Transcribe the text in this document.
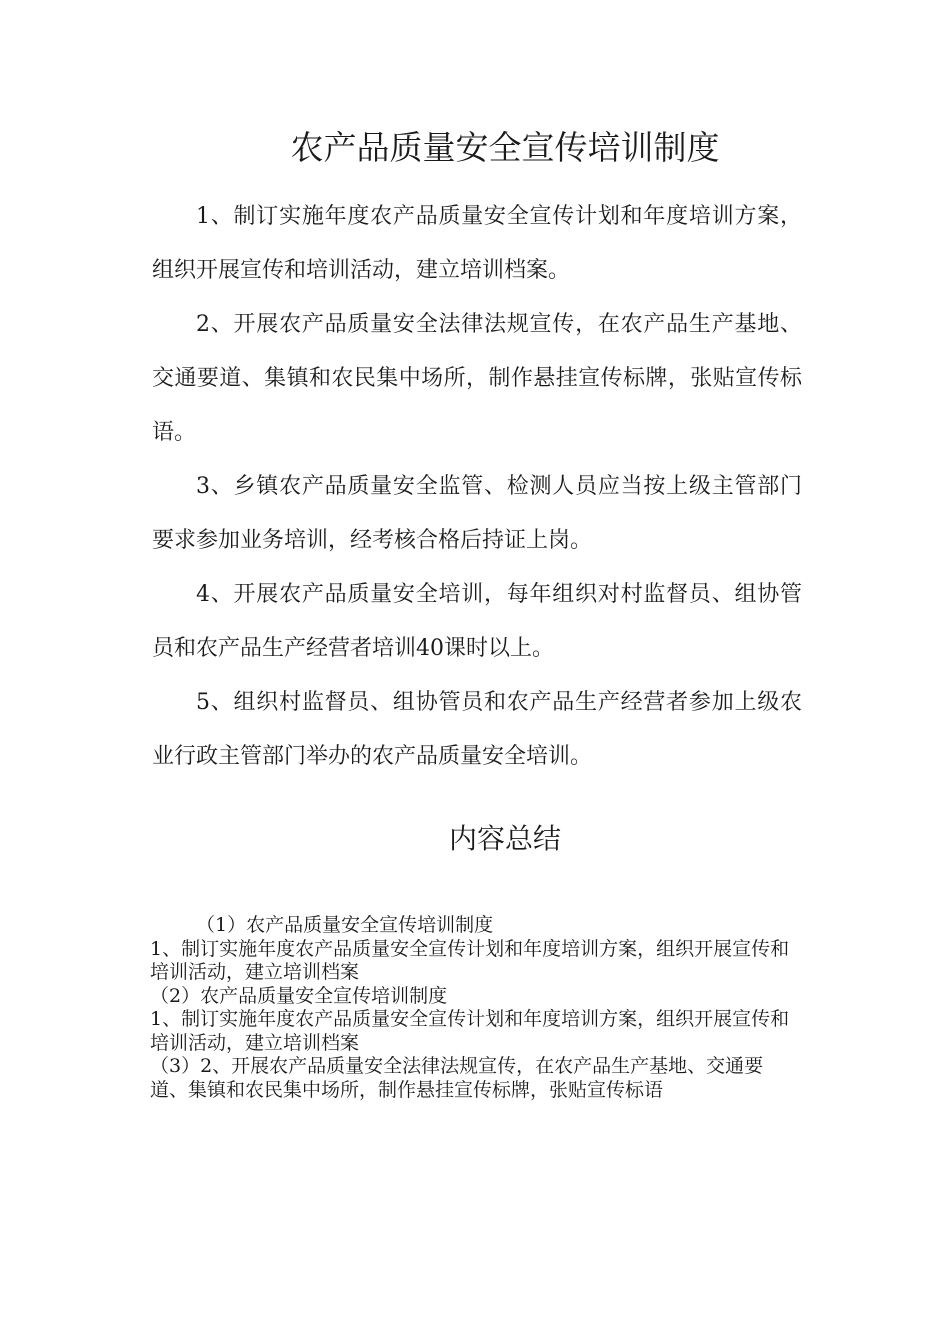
农产品质量安全宣传培训制度

1、制订实施年度农产品质量安全宣传计划和年度培训方案，组织开展宣传和培训活动，建立培训档案。

2、开展农产品质量安全法律法规宣传，在农产品生产基地、交通要道、集镇和农民集中场所，制作悬挂宣传标牌，张贴宣传标语。

3、乡镇农产品质量安全监管、检测人员应当按上级主管部门要求参加业务培训，经考核合格后持证上岗。

4、开展农产品质量安全培训，每年组织对村监督员、组协管员和农产品生产经营者培训40课时以上。

5、组织村监督员、组协管员和农产品生产经营者参加上级农业行政主管部门举办的农产品质量安全培训。

内容总结
（1）农产品质量安全宣传培训制度
1、制订实施年度农产品质量安全宣传计划和年度培训方案，组织开展宣传和培训活动，建立培训档案
（2）农产品质量安全宣传培训制度
1、制订实施年度农产品质量安全宣传计划和年度培训方案，组织开展宣传和培训活动，建立培训档案
（3）2、开展农产品质量安全法律法规宣传，在农产品生产基地、交通要道、集镇和农民集中场所，制作悬挂宣传标牌，张贴宣传标语
